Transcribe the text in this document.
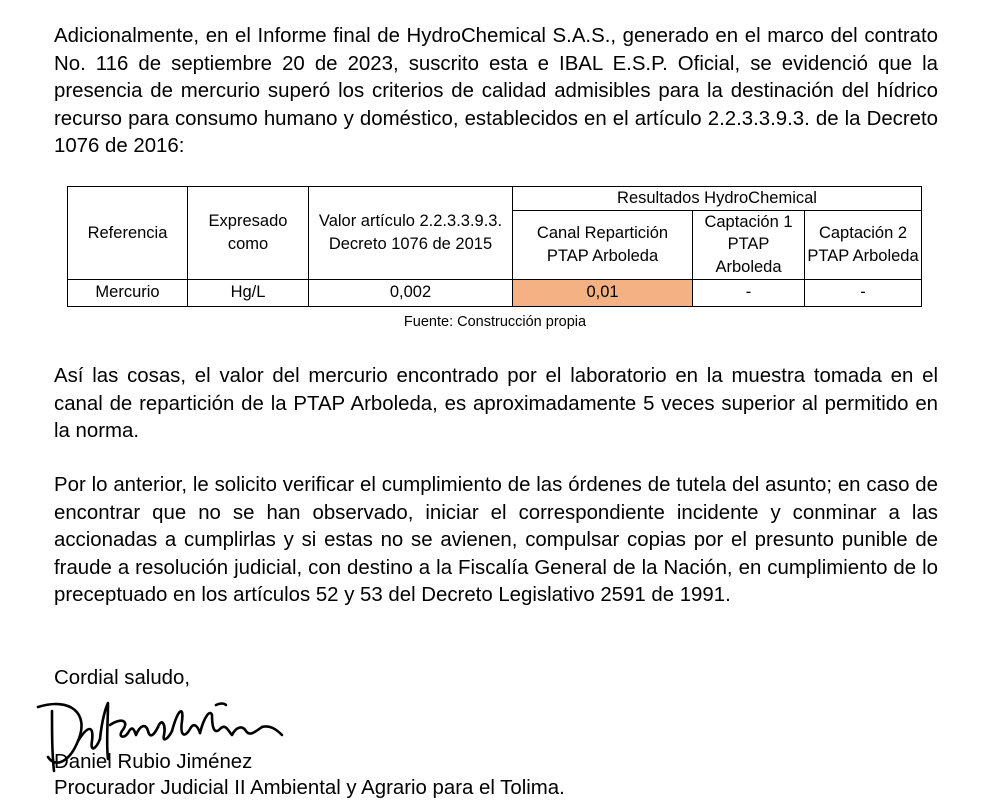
Adicionalmente, en el Informe final de HydroChemical S.A.S., generado en el marco del contrato No. 116 de septiembre 20 de 2023, suscrito esta e IBAL E.S.P. Oficial, se evidenció que la presencia de mercurio superó los criterios de calidad admisibles para la destinación del hídrico recurso para consumo humano y doméstico, establecidos en el artículo 2.2.3.3.9.3. de la Decreto 1076 de 2016:

Referencia	Expresado como	Valor artículo 2.2.3.3.9.3. Decreto 1076 de 2015	Resultados HydroChemical		
			Canal Repartición PTAP Arboleda	Captación 1 PTAP Arboleda	Captación 2 PTAP Arboleda
Mercurio	Hg/L	0,002	0,01	-	-
Fuente: Construcción propia

Así las cosas, el valor del mercurio encontrado por el laboratorio en la muestra tomada en el canal de repartición de la PTAP Arboleda, es aproximadamente 5 veces superior al permitido en la norma.

Por lo anterior, le solicito verificar el cumplimiento de las órdenes de tutela del asunto; en caso de encontrar que no se han observado, iniciar el correspondiente incidente y conminar a las accionadas a cumplirlas y si estas no se avienen, compulsar copias por el presunto punible de fraude a resolución judicial, con destino a la Fiscalía General de la Nación, en cumplimiento de lo preceptuado en los artículos 52 y 53 del Decreto Legislativo 2591 de 1991.

Cordial saludo,
Daniel Rubio Jiménez
Procurador Judicial II Ambiental y Agrario para el Tolima.
